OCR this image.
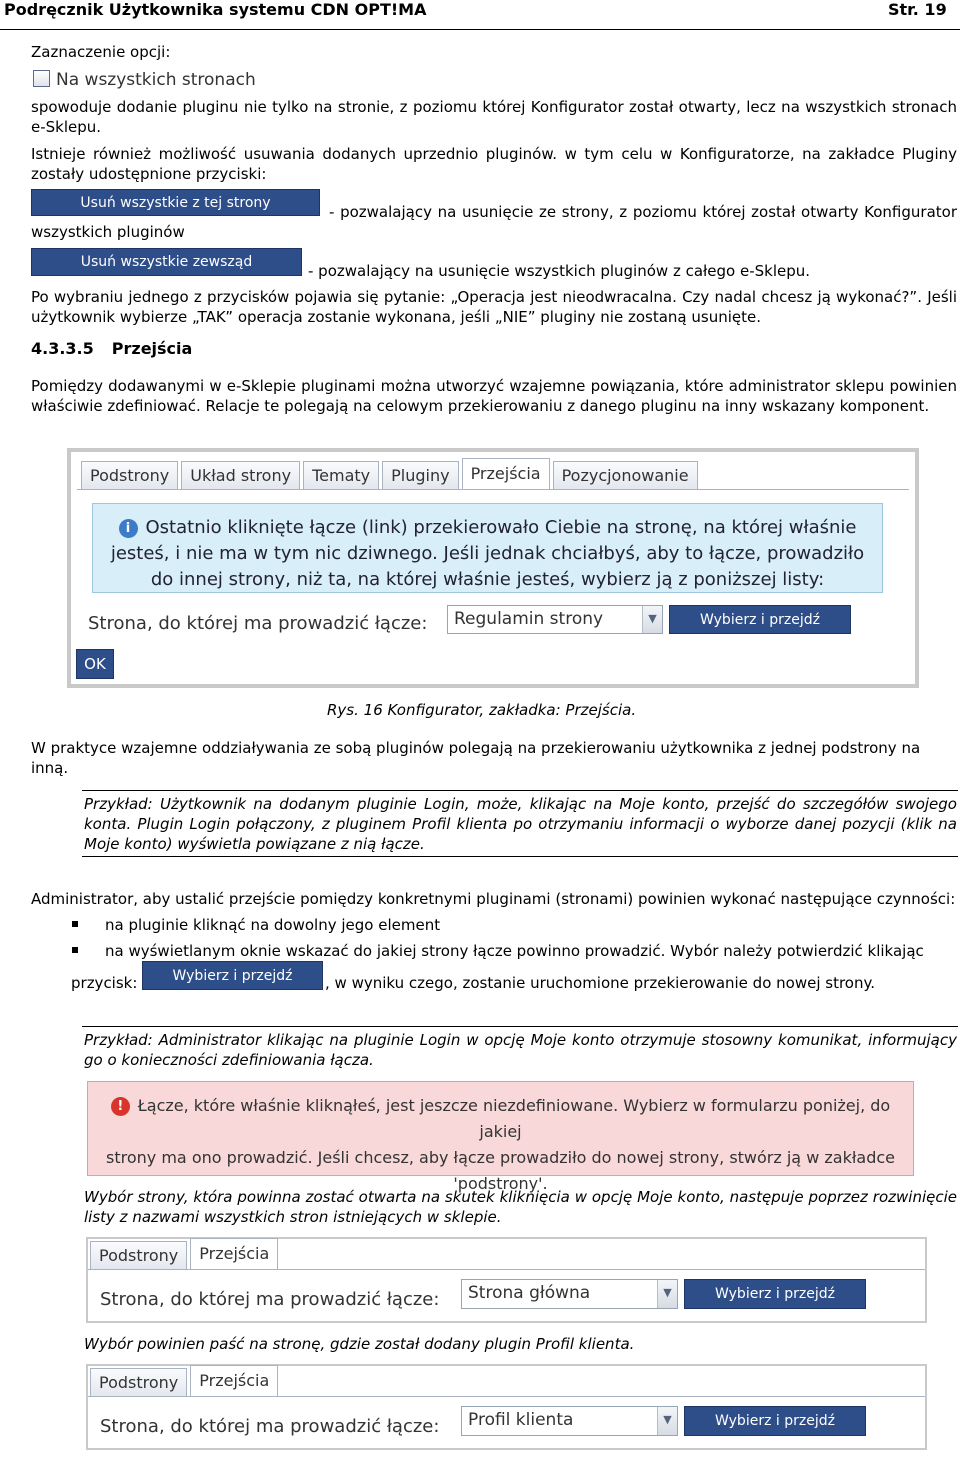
Podręcznik Użytkownika systemu CDN OPT!MA	Str. 19
Zaznaczenie opcji:
Na wszystkich stronach
spowoduje dodanie pluginu nie tylko na stronie, z poziomu której Konfigurator został otwarty, lecz na wszystkich stronach e-Sklepu.
Istnieje również możliwość usuwania dodanych uprzednio pluginów. w tym celu w Konfiguratorze, na zakładce Pluginy zostały udostępnione przyciski:
Usuń wszystkie z tej strony	- pozwalający na usunięcie ze strony, z poziomu której został otwarty Konfigurator wszystkich pluginów
Usuń wszystkie zewsząd	- pozwalający na usunięcie wszystkich pluginów z całego e-Sklepu.
Po wybraniu jednego z przycisków pojawia się pytanie: „Operacja jest nieodwracalna. Czy nadal chcesz ją wykonać?”. Jeśli użytkownik wybierze „TAK” operacja zostanie wykonana, jeśli „NIE” pluginy nie zostaną usunięte.
4.3.3.5 Przejścia
Pomiędzy dodawanymi w e-Sklepie pluginami można utworzyć wzajemne powiązania, które administrator sklepu powinien właściwie zdefiniować. Relacje te polegają na celowym przekierowaniu z danego pluginu na inny wskazany komponent.
Podstrony	Układ strony	Tematy	Pluginy	Przejścia	Pozycjonowanie
i Ostatnio kliknięte łącze (link) przekierowało Ciebie na stronę, na której właśnie
jesteś, i nie ma w tym nic dziwnego. Jeśli jednak chciałbyś, aby to łącze, prowadziło
do innej strony, niż ta, na której właśnie jesteś, wybierz ją z poniższej listy:
Strona, do której ma prowadzić łącze:	Regulamin strony	▼	Wybierz i przejdź
OK
Rys. 16 Konfigurator, zakładka: Przejścia.
W praktyce wzajemne oddziaływania ze sobą pluginów polegają na przekierowaniu użytkownika z jednej podstrony na inną.
Przykład: Użytkownik na dodanym pluginie Login, może, klikając na Moje konto, przejść do szczegółów swojego konta. Plugin Login połączony, z pluginem Profil klienta po otrzymaniu informacji o wyborze danej pozycji (klik na Moje konto) wyświetla powiązane z nią łącze.
Administrator, aby ustalić przejście pomiędzy konkretnymi pluginami (stronami) powinien wykonać następujące czynności:
na pluginie kliknąć na dowolny jego element
na wyświetlanym oknie wskazać do jakiej strony łącze powinno prowadzić. Wybór należy potwierdzić klikając
przycisk:	Wybierz i przejdź	, w wyniku czego, zostanie uruchomione przekierowanie do nowej strony.
Przykład: Administrator klikając na pluginie Login w opcję Moje konto otrzymuje stosowny komunikat, informujący go o konieczności zdefiniowania łącza.
! Łącze, które właśnie kliknąłeś, jest jeszcze niezdefiniowane. Wybierz w formularzu poniżej, do jakiej
strony ma ono prowadzić. Jeśli chcesz, aby łącze prowadziło do nowej strony, stwórz ją w zakładce
'podstrony'.
Wybór strony, która powinna zostać otwarta na skutek kliknięcia w opcję Moje konto, następuje poprzez rozwinięcie listy z nazwami wszystkich stron istniejących w sklepie.
Podstrony	Przejścia
Strona, do której ma prowadzić łącze:	Strona główna	▼	Wybierz i przejdź
Wybór powinien paść na stronę, gdzie został dodany plugin Profil klienta.
Podstrony	Przejścia
Strona, do której ma prowadzić łącze:	Profil klienta	▼	Wybierz i przejdź
